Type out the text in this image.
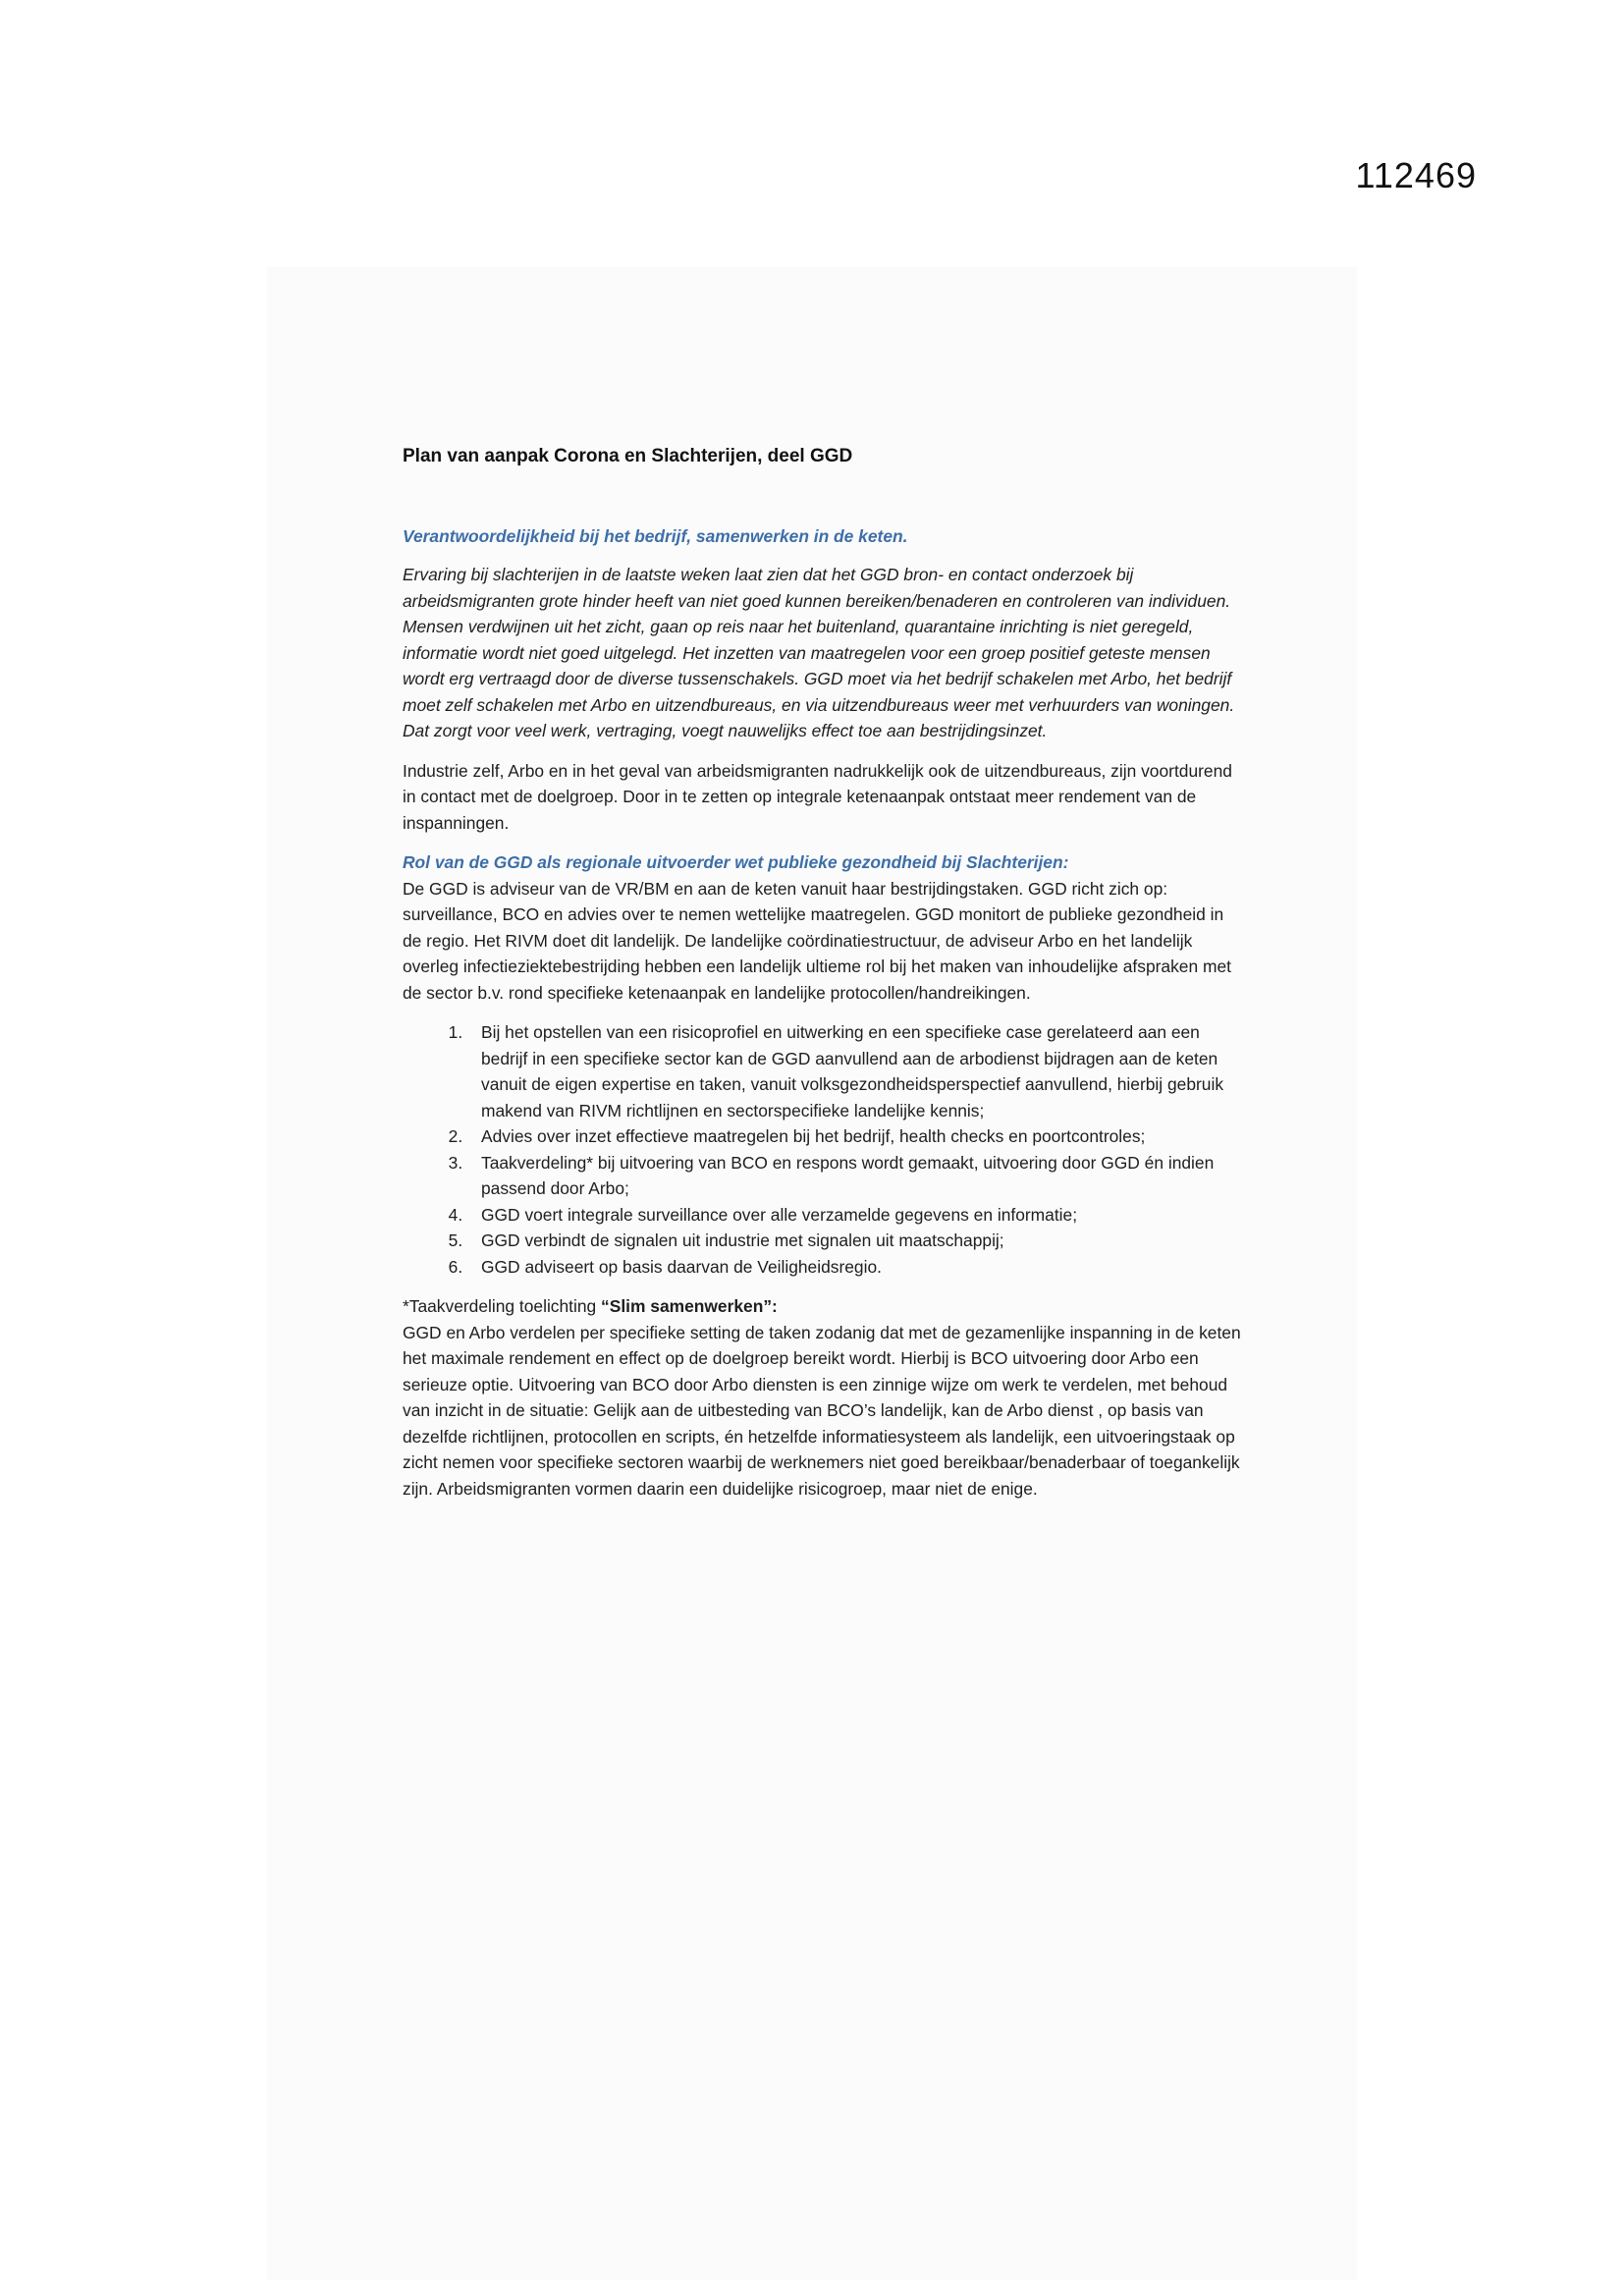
112469
Plan van aanpak Corona en Slachterijen, deel GGD
Verantwoordelijkheid bij het bedrijf, samenwerken in de keten.

Ervaring bij slachterijen in de laatste weken laat zien dat het GGD bron- en contact onderzoek bij arbeidsmigranten grote hinder heeft van niet goed kunnen bereiken/benaderen en controleren van individuen. Mensen verdwijnen uit het zicht, gaan op reis naar het buitenland, quarantaine inrichting is niet geregeld, informatie wordt niet goed uitgelegd. Het inzetten van maatregelen voor een groep positief geteste mensen wordt erg vertraagd door de diverse tussenschakels. GGD moet via het bedrijf schakelen met Arbo, het bedrijf moet zelf schakelen met Arbo en uitzendbureaus, en via uitzendbureaus weer met verhuurders van woningen. Dat zorgt voor veel werk, vertraging, voegt nauwelijks effect toe aan bestrijdingsinzet.

Industrie zelf, Arbo en in het geval van arbeidsmigranten nadrukkelijk ook de uitzendbureaus, zijn voortdurend in contact met de doelgroep. Door in te zetten op integrale ketenaanpak ontstaat meer rendement van de inspanningen.

Rol van de GGD als regionale uitvoerder wet publieke gezondheid bij Slachterijen:

De GGD is adviseur van de VR/BM en aan de keten vanuit haar bestrijdingstaken. GGD richt zich op: surveillance, BCO en advies over te nemen wettelijke maatregelen. GGD monitort de publieke gezondheid in de regio. Het RIVM doet dit landelijk. De landelijke coördinatiestructuur, de adviseur Arbo en het landelijk overleg infectieziektebestrijding hebben een landelijk ultieme rol bij het maken van inhoudelijke afspraken met de sector b.v. rond specifieke ketenaanpak en landelijke protocollen/handreikingen.

1. Bij het opstellen van een risicoprofiel en uitwerking en een specifieke case gerelateerd aan een bedrijf in een specifieke sector kan de GGD aanvullend aan de arbodienst bijdragen aan de keten vanuit de eigen expertise en taken, vanuit volksgezondheidsperspectief aanvullend, hierbij gebruik makend van RIVM richtlijnen en sectorspecifieke landelijke kennis;
2. Advies over inzet effectieve maatregelen bij het bedrijf, health checks en poortcontroles;
3. Taakverdeling* bij uitvoering van BCO en respons wordt gemaakt, uitvoering door GGD én indien passend door Arbo;
4. GGD voert integrale surveillance over alle verzamelde gegevens en informatie;
5. GGD verbindt de signalen uit industrie met signalen uit maatschappij;
6. GGD adviseert op basis daarvan de Veiligheidsregio.
*Taakverdeling toelichting “Slim samenwerken”:

GGD en Arbo verdelen per specifieke setting de taken zodanig dat met de gezamenlijke inspanning in de keten het maximale rendement en effect op de doelgroep bereikt wordt. Hierbij is BCO uitvoering door Arbo een serieuze optie. Uitvoering van BCO door Arbo diensten is een zinnige wijze om werk te verdelen, met behoud van inzicht in de situatie: Gelijk aan de uitbesteding van BCO’s landelijk, kan de Arbo dienst , op basis van dezelfde richtlijnen, protocollen en scripts, én hetzelfde informatiesysteem als landelijk, een uitvoeringstaak op zicht nemen voor specifieke sectoren waarbij de werknemers niet goed bereikbaar/benaderbaar of toegankelijk zijn. Arbeidsmigranten vormen daarin een duidelijke risicogroep, maar niet de enige.
